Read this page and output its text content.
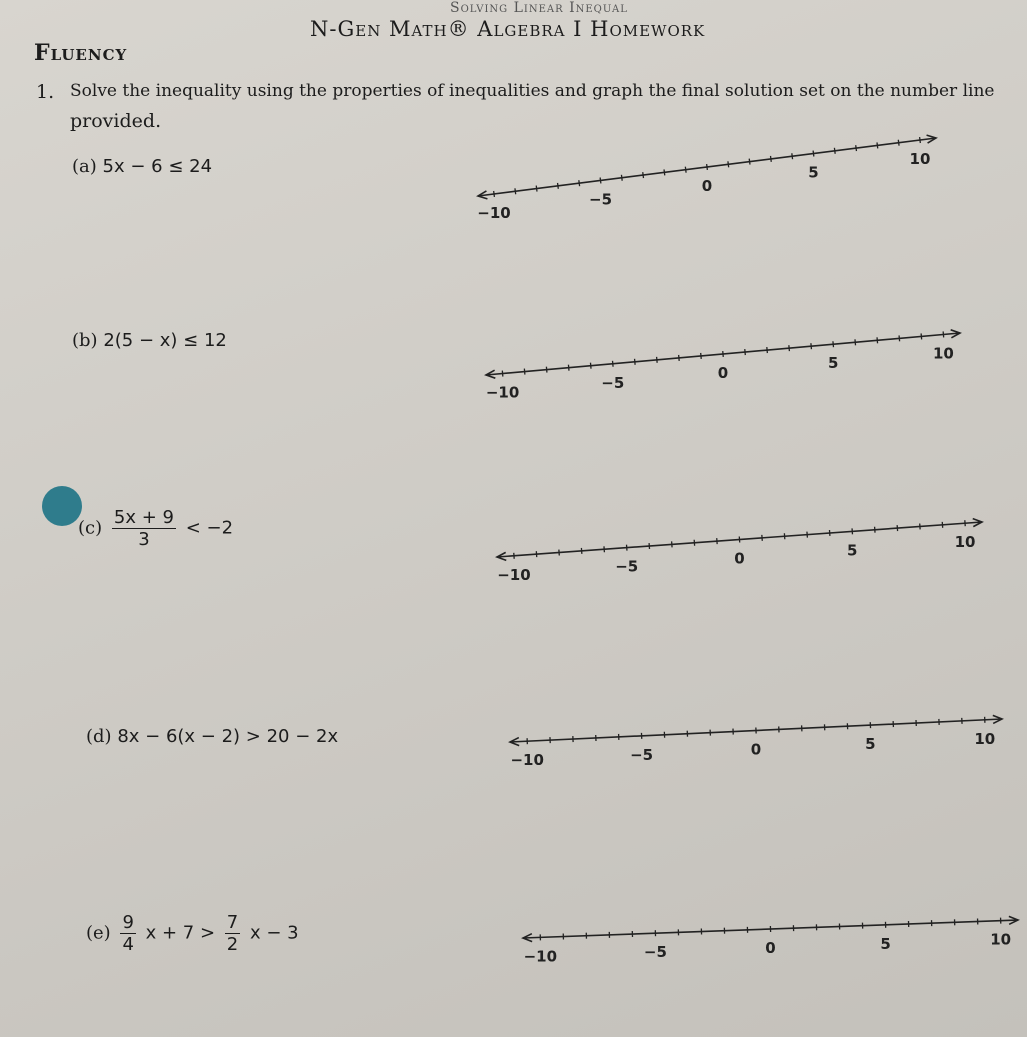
Solving Linear Inequal
N-Gen Math® Algebra I Homework
Fluency
1. Solve the inequality using the properties of inequalities and graph the final solution set on the number line
provided.
(a) 5x − 6 ≤ 24
(b) 2(5 − x) ≤ 12
$(c) \frac{5x + 9}{3} < -2$
(d) 8x − 6(x − 2) > 20 − 2x
$(e) \frac{9}{4}$ $x + 7 > \frac{7}{2}$ x − 3
−10
−5
0
5
10
−10
−5
0
5
10
−10	−5	0	5	10
−10	−5	0	5	10
−10	−5	0	5	10
